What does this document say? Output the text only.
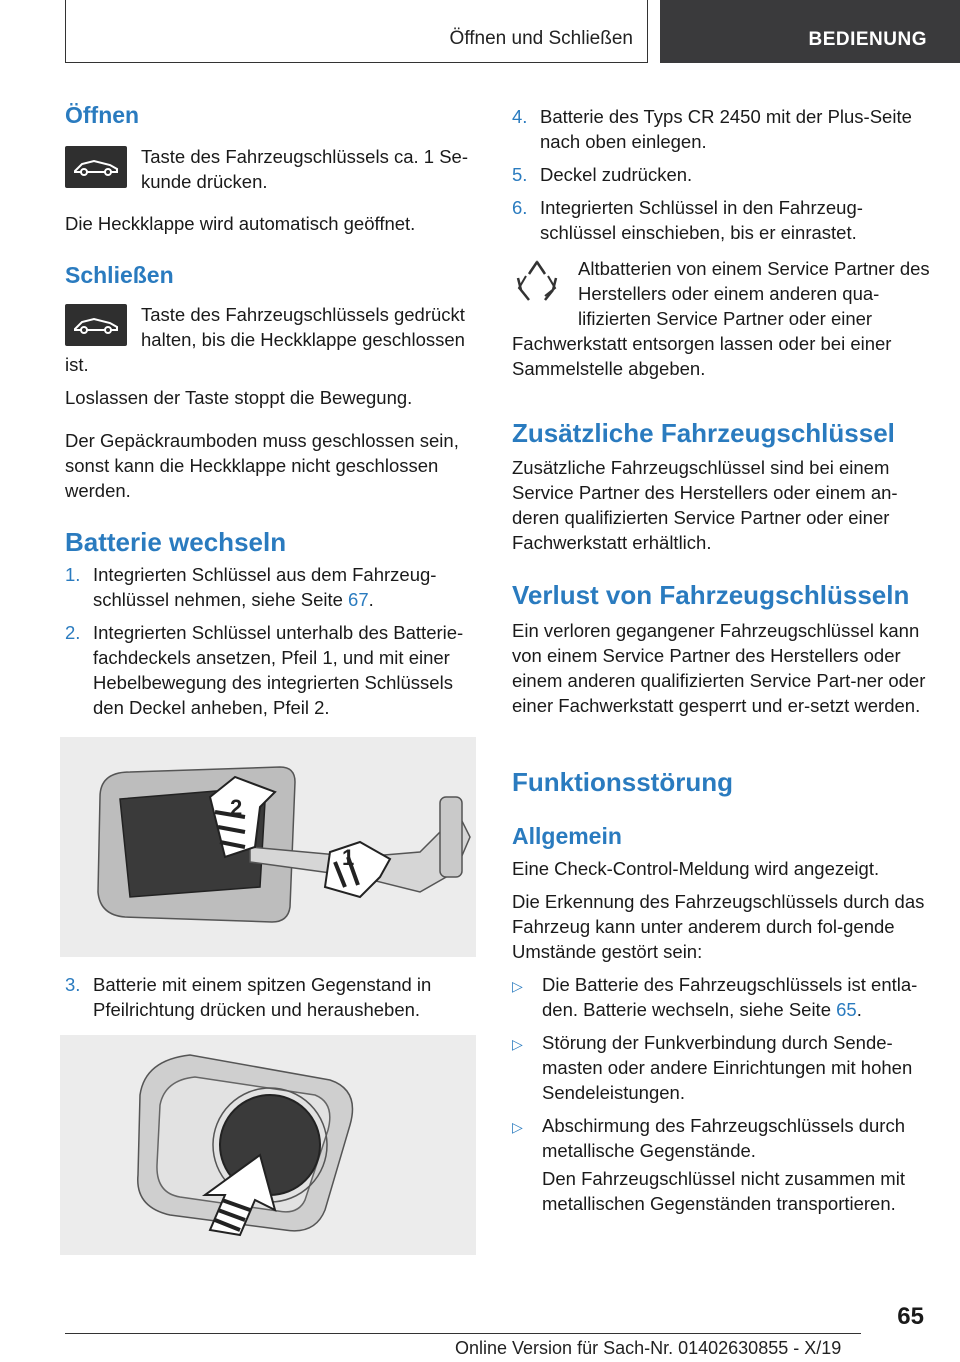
Öffnen und Schließen	BEDIENUNG
Öffnen

Taste des Fahrzeugschlüssels ca. 1 Se-kunde drücken.

Die Heckklappe wird automatisch geöffnet.

Schließen

Taste des Fahrzeugschlüssels gedrückt halten, bis die Heckklappe geschlossen

ist.

Loslassen der Taste stoppt die Bewegung.

Der Gepäckraumboden muss geschlossen sein, sonst kann die Heckklappe nicht geschlossen werden.

Batterie wechseln
1. Integrierten Schlüssel aus dem Fahrzeug-schlüssel nehmen, siehe Seite 67.
2. Integrierten Schlüssel unterhalb des Batterie-fachdeckels ansetzen, Pfeil 1, und mit einer Hebelbewegung des integrierten Schlüssels den Deckel anheben, Pfeil 2.
3. Batterie mit einem spitzen Gegenstand in Pfeilrichtung drücken und herausheben.
2
1
4. Batterie des Typs CR 2450 mit der Plus-Seite nach oben einlegen.
5. Deckel zudrücken.
6. Integrierten Schlüssel in den Fahrzeug-schlüssel einschieben, bis er einrastet.

Altbatterien von einem Service Partner des Herstellers oder einem anderen qua-lifizierten Service Partner oder einer

Fachwerkstatt entsorgen lassen oder bei einer Sammelstelle abgeben.

Zusätzliche Fahrzeugschlüssel

Zusätzliche Fahrzeugschlüssel sind bei einem Service Partner des Herstellers oder einem an-deren qualifizierten Service Partner oder einer Fachwerkstatt erhältlich.

Verlust von Fahrzeugschlüsseln

Ein verloren gegangener Fahrzeugschlüssel kann von einem Service Partner des Herstellers oder einem anderen qualifizierten Service Part-ner oder einer Fachwerkstatt gesperrt und er-setzt werden.

Funktionsstörung
Allgemein

Eine Check-Control-Meldung wird angezeigt.

Die Erkennung des Fahrzeugschlüssels durch das Fahrzeug kann unter anderem durch fol-gende Umstände gestört sein:

▷	Die Batterie des Fahrzeugschlüssels ist entla-den. Batterie wechseln, siehe Seite 65.
▷	Störung der Funkverbindung durch Sende-masten oder andere Einrichtungen mit hohen Sendeleistungen.
▷	Abschirmung des Fahrzeugschlüssels durch metallische Gegenstände.

Den Fahrzeugschlüssel nicht zusammen mit metallischen Gegenständen transportieren.

65
Online Version für Sach-Nr. 01402630855 - X/19
